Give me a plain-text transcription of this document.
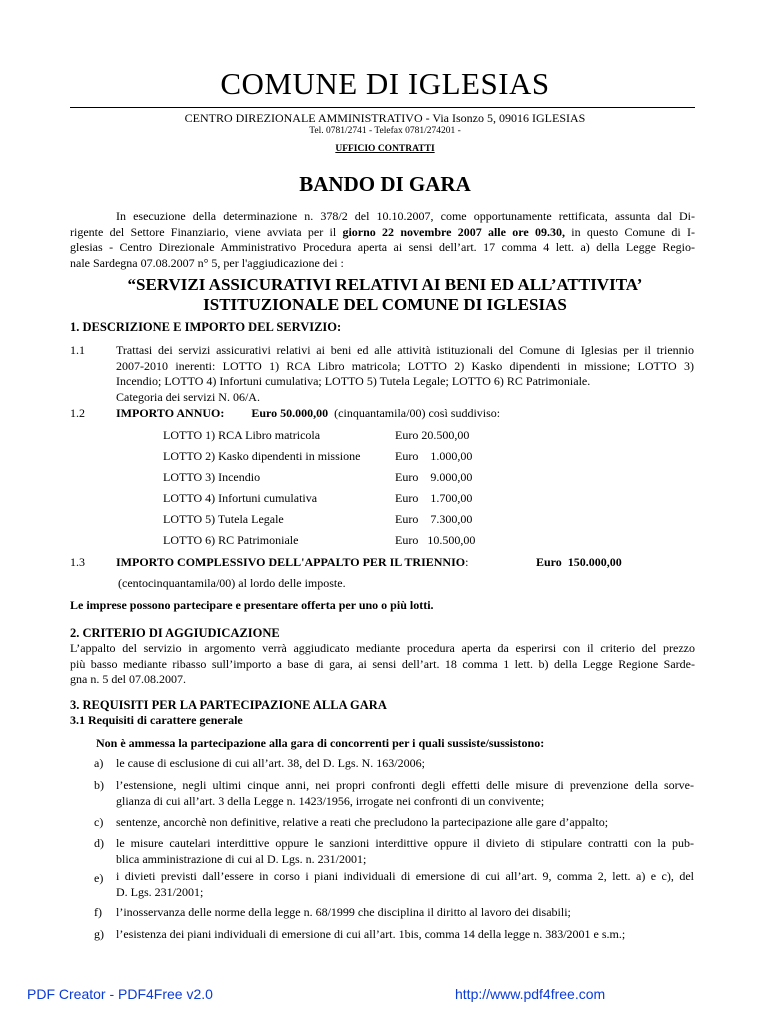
COMUNE DI IGLESIAS
CENTRO DIREZIONALE AMMINISTRATIVO - Via Isonzo 5, 09016 IGLESIAS
Tel. 0781/2741 - Telefax 0781/274201 -
UFFICIO CONTRATTI
BANDO DI GARA
In esecuzione della determinazione n. 378/2 del 10.10.2007, come opportunamente rettificata, assunta dal Di-
rigente del Settore Finanziario, viene avviata per il giorno 22 novembre 2007 alle ore 09.30, in questo Comune di I-
glesias - Centro Direzionale Amministrativo Procedura aperta ai sensi dell’art. 17 comma 4 lett. a) della Legge Regio-
nale Sardegna 07.08.2007 n° 5, per l'aggiudicazione dei :
“SERVIZI ASSICURATIVI RELATIVI AI BENI ED ALL’ATTIVITA’
ISTITUZIONALE DEL COMUNE DI IGLESIAS
1. DESCRIZIONE E IMPORTO DEL SERVIZIO:
1.1	Trattasi dei servizi assicurativi relativi ai beni ed alle attività istituzionali del Comune di Iglesias per il triennio
2007-2010 inerenti: LOTTO 1) RCA Libro matricola; LOTTO 2) Kasko dipendenti in missione; LOTTO 3)
Incendio; LOTTO 4) Infortuni cumulativa; LOTTO 5) Tutela Legale; LOTTO 6) RC Patrimoniale.
Categoria dei servizi N. 06/A.
1.2	IMPORTO ANNUO: Euro 50.000,00 (cinquantamila/00) così suddiviso:
LOTTO 1) RCA Libro matricola	Euro 20.500,00
LOTTO 2) Kasko dipendenti in missione	Euro    1.000,00
LOTTO 3) Incendio	Euro    9.000,00
LOTTO 4) Infortuni cumulativa	Euro    1.700,00
LOTTO 5) Tutela Legale	Euro    7.300,00
LOTTO 6) RC Patrimoniale	Euro   10.500,00
1.3	IMPORTO COMPLESSIVO DELL'APPALTO PER IL TRIENNIO:	Euro  150.000,00
(centocinquantamila/00) al lordo delle imposte.
Le imprese possono partecipare e presentare offerta per uno o più lotti.
2. CRITERIO DI AGGIUDICAZIONE
L’appalto del servizio in argomento verrà aggiudicato mediante procedura aperta da esperirsi con il criterio del prezzo
più basso mediante ribasso sull’importo a base di gara, ai sensi dell’art. 18 comma 1 lett. b) della Legge Regione Sarde-
gna n. 5 del 07.08.2007.
3. REQUISITI PER LA PARTECIPAZIONE ALLA GARA
3.1 Requisiti di carattere generale
Non è ammessa la partecipazione alla gara di concorrenti per i quali sussiste/sussistono:
a) le cause di esclusione di cui all’art. 38, del D. Lgs. N. 163/2006;
b) l’estensione, negli ultimi cinque anni, nei propri confronti degli effetti delle misure di prevenzione della sorve-
glianza di cui all’art. 3 della Legge n. 1423/1956, irrogate nei confronti di un convivente;
c) sentenze, ancorchè non definitive, relative a reati che precludono la partecipazione alle gare d’appalto;
d) le misure cautelari interdittive oppure le sanzioni interdittive oppure il divieto di stipulare contratti con la pub-
blica amministrazione di cui al D. Lgs. n. 231/2001;
e) i divieti previsti dall’essere in corso i piani individuali di emersione di cui all’art. 9, comma 2, lett. a) e c), del
D. Lgs. 231/2001;
f) l’inosservanza delle norme della legge n. 68/1999 che disciplina il diritto al lavoro dei disabili;
g) l’esistenza dei piani individuali di emersione di cui all’art. 1bis, comma 14 della legge n. 383/2001 e s.m.;
PDF Creator - PDF4Free v2.0	http://www.pdf4free.com
